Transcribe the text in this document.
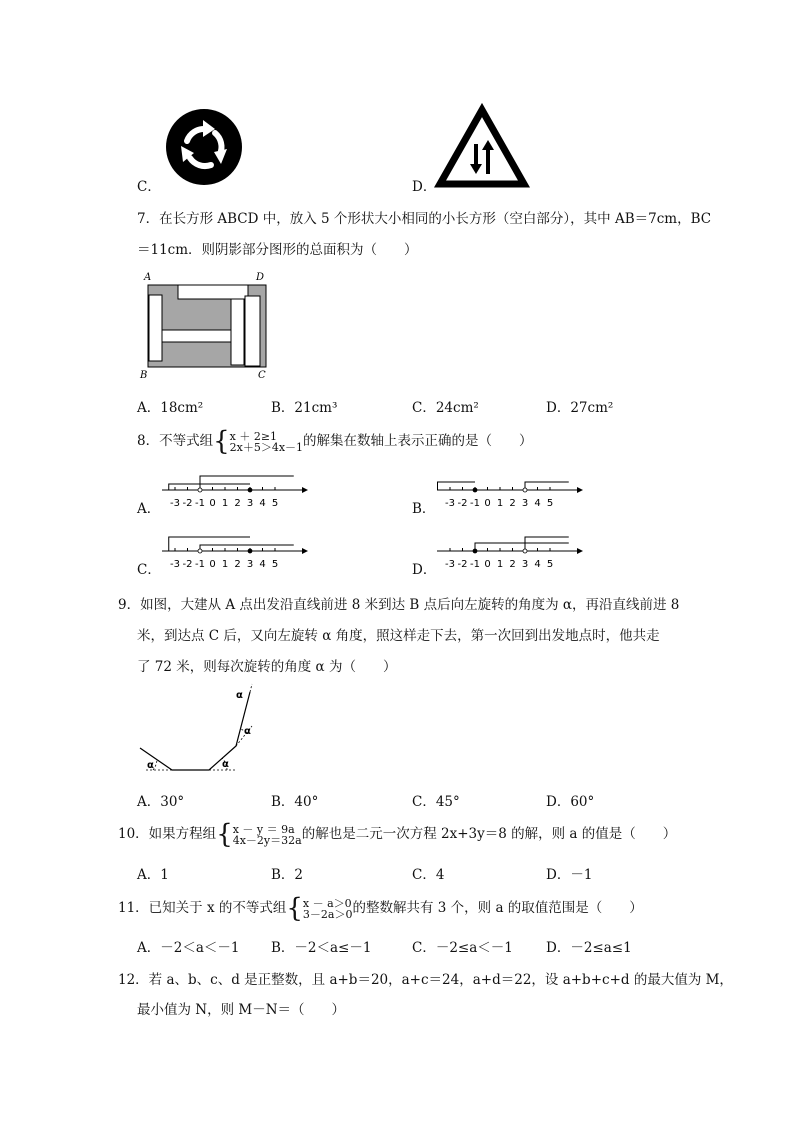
C．	D．
7．在长方形 ABCD 中，放入 5 个形状大小相同的小长方形（空白部分），其中 AB＝7cm，BC
＝11cm．则阴影部分图形的总面积为（　　）
A	D
B	C
A．18cm²	B．21cm³	C．24cm²	D．27cm²
8．不等式组{x ＋ 2≥1
2x＋5＞4x－1的解集在数轴上表示正确的是（　　）
A．	B．
C．	D．
-3 -2 -1 0 1 2 3 4 5	-3 -2 -1 0 1 2 3 4 5
-3 -2 -1 0 1 2 3 4 5	-3 -2 -1 0 1 2 3 4 5
9．如图，大建从 A 点出发沿直线前进 8 米到达 B 点后向左旋转的角度为 α，再沿直线前进 8
米，到达点 C 后，又向左旋转 α 角度，照这样走下去，第一次回到出发地点时，他共走
了 72 米，则每次旋转的角度 α 为（　　）
α	α
α
α
A．30°	B．40°	C．45°	D．60°
10．如果方程组{x － y ＝ 9a
4x－2y＝32a的解也是二元一次方程 2x+3y＝8 的解，则 a 的值是（　　）
A．1	B．2	C．4	D．－1
11．已知关于 x 的不等式组{x － a＞0
3－2a＞0的整数解共有 3 个，则 a 的取值范围是（　　）
A．－2＜a＜－1 B．－2＜a≤－1	C．－2≤a＜－1 D．－2≤a≤1
12．若 a、b、c、d 是正整数，且 a+b＝20，a+c＝24，a+d＝22，设 a+b+c+d 的最大值为 M，
最小值为 N，则 M－N＝（　　）
